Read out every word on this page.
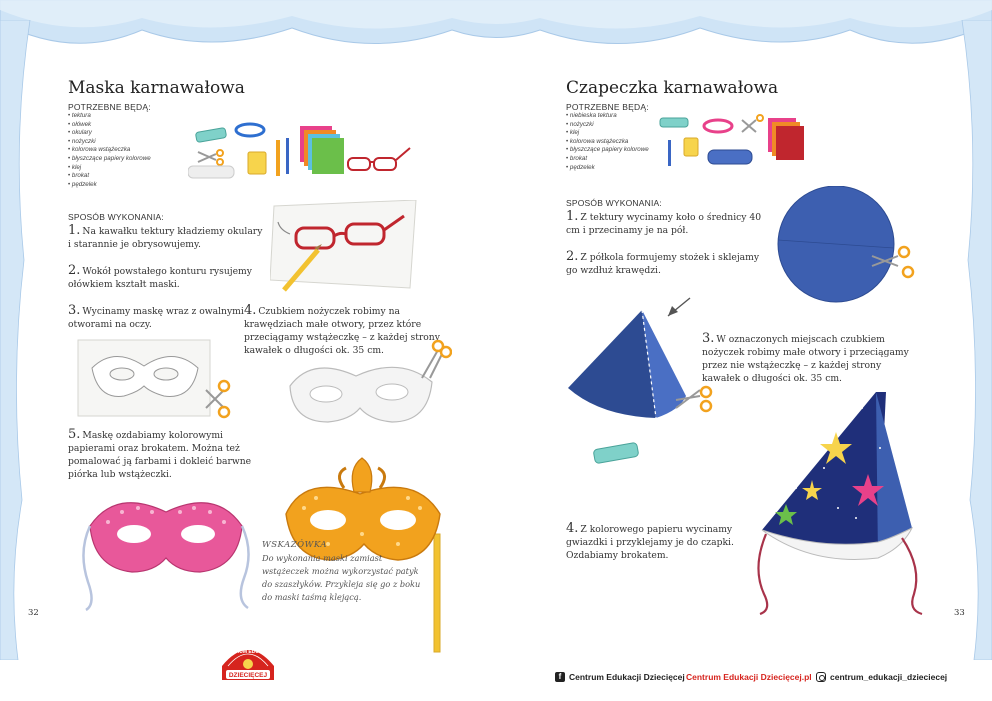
Maska karnawałowa
POTRZEBNE BĘDĄ:
• tektura
• ołówek
• okulary
• nożyczki
• kolorowa wstążeczka
• błyszczące papiery kolorowe
• klej
• brokat
• pędzelek
SPOSÓB WYKONANIA:
1. Na kawałku tektury kładziemy okulary i starannie je obrysowujemy.
2. Wokół powstałego konturu rysujemy ołówkiem kształt maski.
3. Wycinamy maskę wraz z owalnymi otworami na oczy.
4. Czubkiem nożyczek robimy na krawędziach małe otwory, przez które przeciągamy wstążeczkę – z każdej strony kawałek o długości ok. 35 cm.
5. Maskę ozdabiamy kolorowymi papierami oraz brokatem. Można też pomalować ją farbami i dokleić barwne piórka lub wstążeczki.
WSKAZÓWKA
Do wykonania maski zamiast wstążeczek można wykorzystać patyk do szaszłyków. Przyklejа się go z boku do maski taśmą klejącą.
32
CENTRUM EDUKACJI
DZIECIĘCEJ
Czapeczka karnawałowa
POTRZEBNE BĘDĄ:
• niebieska tektura
• nożyczki
• klej
• kolorowa wstążeczka
• błyszczące papiery kolorowe
• brokat
• pędzelek
SPOSÓB WYKONANIA:
1. Z tektury wycinamy koło o średnicy 40 cm i przecinamy je na pół.
2. Z półkola formujemy stożek i sklejamy go wzdłuż krawędzi.
3. W oznaczonych miejscach czubkiem nożyczek robimy małe otwory i przeciągamy przez nie wstążeczkę – z każdej strony kawałek o długości ok. 35 cm.
4. Z kolorowego papieru wycinamy gwiazdki i przyklejamy je do czapki. Ozdabiamy brokatem.
33
f Centrum Edukacji Dziecięcej Centrum Edukacji Dziecięcej.pl centrum_edukacji_dzieciecej
